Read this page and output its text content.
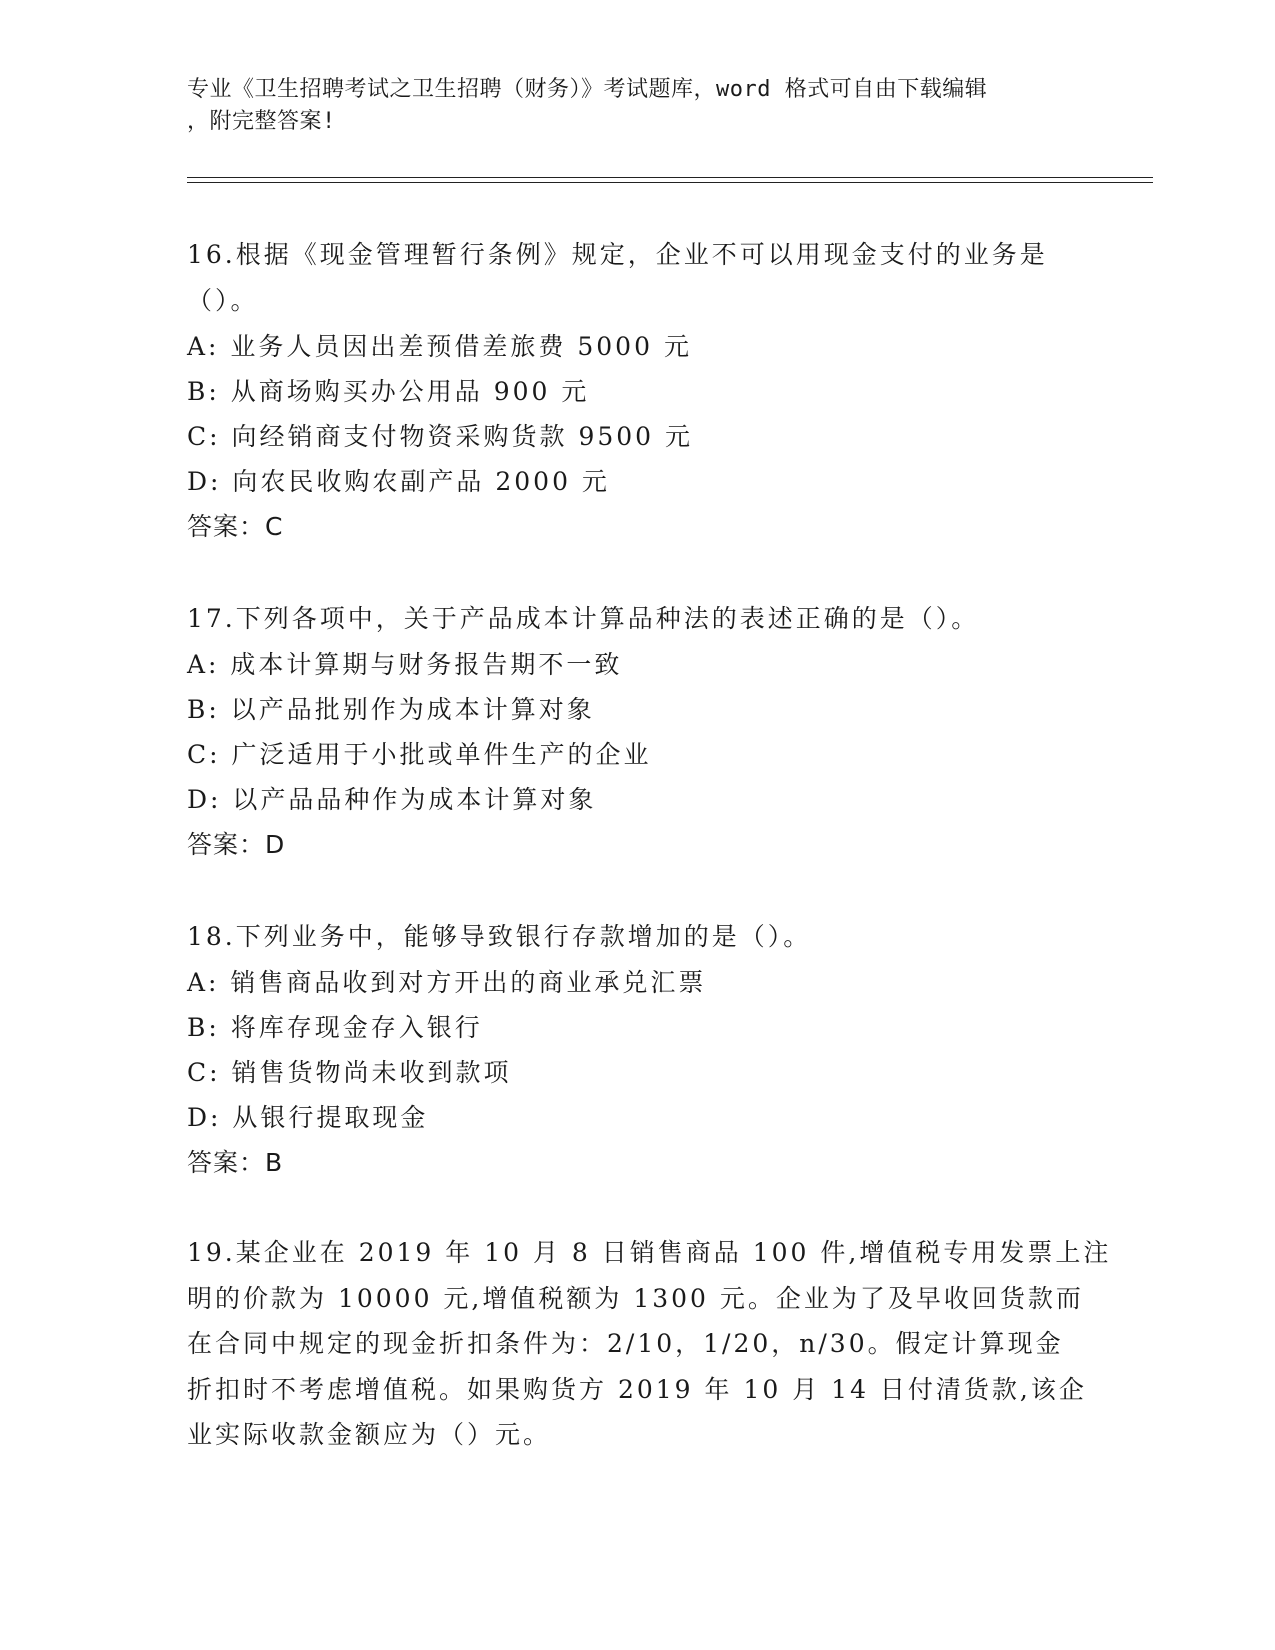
专业《卫生招聘考试之卫生招聘（财务）》考试题库，word 格式可自由下载编辑
，附完整答案!
16.根据《现金管理暂行条例》规定，企业不可以用现金支付的业务是
（）。
A: 业务人员因出差预借差旅费 5000 元
B: 从商场购买办公用品 900 元
C: 向经销商支付物资采购货款 9500 元
D: 向农民收购农副产品 2000 元
答案：C
17.下列各项中，关于产品成本计算品种法的表述正确的是（）。
A: 成本计算期与财务报告期不一致
B: 以产品批别作为成本计算对象
C: 广泛适用于小批或单件生产的企业
D: 以产品品种作为成本计算对象
答案：D
18.下列业务中，能够导致银行存款增加的是（）。
A: 销售商品收到对方开出的商业承兑汇票
B: 将库存现金存入银行
C: 销售货物尚未收到款项
D: 从银行提取现金
答案：B
19.某企业在 2019 年 10 月 8 日销售商品 100 件,增值税专用发票上注
明的价款为 10000 元,增值税额为 1300 元。企业为了及早收回货款而
在合同中规定的现金折扣条件为：2/10，1/20，n/30。假定计算现金
折扣时不考虑增值税。如果购货方 2019 年 10 月 14 日付清货款,该企
业实际收款金额应为（）元。
